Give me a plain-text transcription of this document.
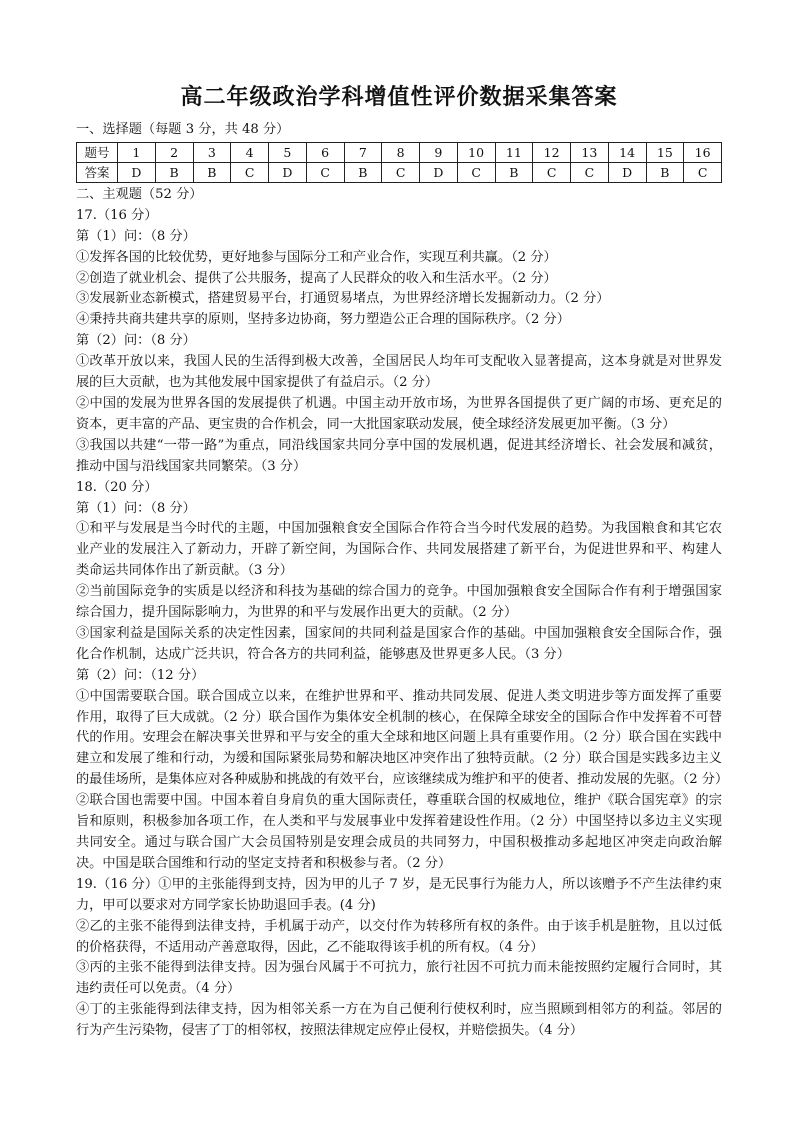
高二年级政治学科增值性评价数据采集答案
一、选择题（每题 3 分，共 48 分）
题号	1	2	3	4	5	6	7	8	9	10	11	12	13	14	15	16
答案	D	B	B	C	D	C	B	C	D	C	B	C	C	D	B	C
二、主观题（52 分）
17.（16 分）
第（1）问：（8 分）
①发挥各国的比较优势，更好地参与国际分工和产业合作，实现互利共赢。（2 分）
②创造了就业机会、提供了公共服务，提高了人民群众的收入和生活水平。（2 分）
③发展新业态新模式，搭建贸易平台，打通贸易堵点，为世界经济增长发掘新动力。（2 分）
④秉持共商共建共享的原则，坚持多边协商，努力塑造公正合理的国际秩序。（2 分）
第（2）问：（8 分）
①改革开放以来，我国人民的生活得到极大改善，全国居民人均年可支配收入显著提高，这本身就是对世界发展的巨大贡献，也为其他发展中国家提供了有益启示。（2 分）
②中国的发展为世界各国的发展提供了机遇。中国主动开放市场，为世界各国提供了更广阔的市场、更充足的资本，更丰富的产品、更宝贵的合作机会，同一大批国家联动发展，使全球经济发展更加平衡。（3 分）
③我国以共建“一带一路”为重点，同沿线国家共同分享中国的发展机遇，促进其经济增长、社会发展和减贫，推动中国与沿线国家共同繁荣。（3 分）
18.（20 分）
第（1）问：（8 分）
①和平与发展是当今时代的主题，中国加强粮食安全国际合作符合当今时代发展的趋势。为我国粮食和其它农业产业的发展注入了新动力，开辟了新空间，为国际合作、共同发展搭建了新平台，为促进世界和平、构建人类命运共同体作出了新贡献。（3 分）
②当前国际竞争的实质是以经济和科技为基础的综合国力的竞争。中国加强粮食安全国际合作有利于增强国家综合国力，提升国际影响力，为世界的和平与发展作出更大的贡献。（2 分）
③国家利益是国际关系的决定性因素，国家间的共同利益是国家合作的基础。中国加强粮食安全国际合作，强化合作机制，达成广泛共识，符合各方的共同利益，能够惠及世界更多人民。（3 分）
第（2）问：（12 分）
①中国需要联合国。联合国成立以来，在维护世界和平、推动共同发展、促进人类文明进步等方面发挥了重要作用，取得了巨大成就。（2 分）联合国作为集体安全机制的核心，在保障全球安全的国际合作中发挥着不可替代的作用。安理会在解决事关世界和平与安全的重大全球和地区问题上具有重要作用。（2 分）联合国在实践中建立和发展了维和行动，为缓和国际紧张局势和解决地区冲突作出了独特贡献。（2 分）联合国是实践多边主义的最佳场所，是集体应对各种威胁和挑战的有效平台，应该继续成为维护和平的使者、推动发展的先驱。（2 分）
②联合国也需要中国。中国本着自身肩负的重大国际责任，尊重联合国的权威地位，维护《联合国宪章》的宗旨和原则，积极参加各项工作，在人类和平与发展事业中发挥着建设性作用。（2 分）中国坚持以多边主义实现共同安全。通过与联合国广大会员国特别是安理会成员的共同努力，中国积极推动多起地区冲突走向政治解决。中国是联合国维和行动的坚定支持者和积极参与者。（2 分）
19.（16 分）①甲的主张能得到支持，因为甲的儿子 7 岁，是无民事行为能力人，所以该赠予不产生法律约束力，甲可以要求对方同学家长协助退回手表。(4 分)
②乙的主张不能得到法律支持，手机属于动产，以交付作为转移所有权的条件。由于该手机是脏物，且以过低的价格获得，不适用动产善意取得，因此，乙不能取得该手机的所有权。（4 分）
③丙的主张不能得到法律支持。因为强台风属于不可抗力，旅行社因不可抗力而未能按照约定履行合同时，其违约责任可以免责。（4 分）
④丁的主张能得到法律支持，因为相邻关系一方在为自己便利行使权利时，应当照顾到相邻方的利益。邻居的行为产生污染物，侵害了丁的相邻权，按照法律规定应停止侵权，并赔偿损失。（4 分）
